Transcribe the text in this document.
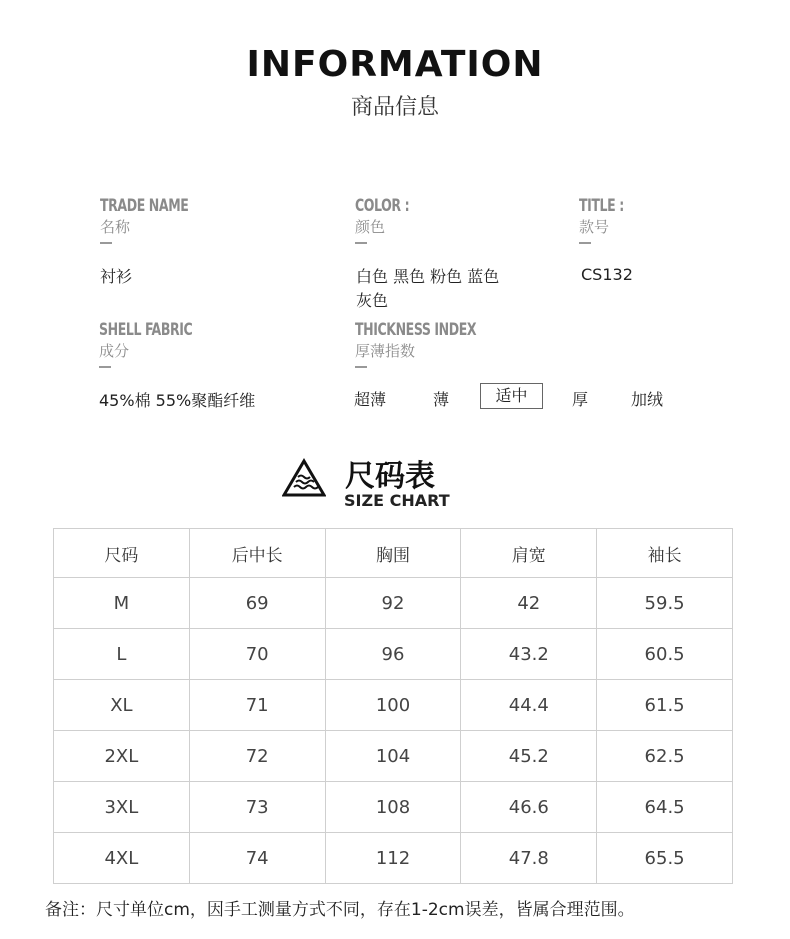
INFORMATION
商品信息
TRADE NAME
名称
衬衫
COLOR :
颜色
白色 黑色 粉色 蓝色
灰色
TITLE :
款号
CS132
SHELL FABRIC
成分
45%棉 55%聚酯纤维
THICKNESS INDEX
厚薄指数
超薄	薄	适中	厚	加绒
尺码表
SIZE CHART
尺码	后中长	胸围	肩宽	袖长
M	69	92	42	59.5
L	70	96	43.2	60.5
XL	71	100	44.4	61.5
2XL	72	104	45.2	62.5
3XL	73	108	46.6	64.5
4XL	74	112	47.8	65.5
备注：尺寸单位cm，因手工测量方式不同，存在1-2cm误差，皆属合理范围。
